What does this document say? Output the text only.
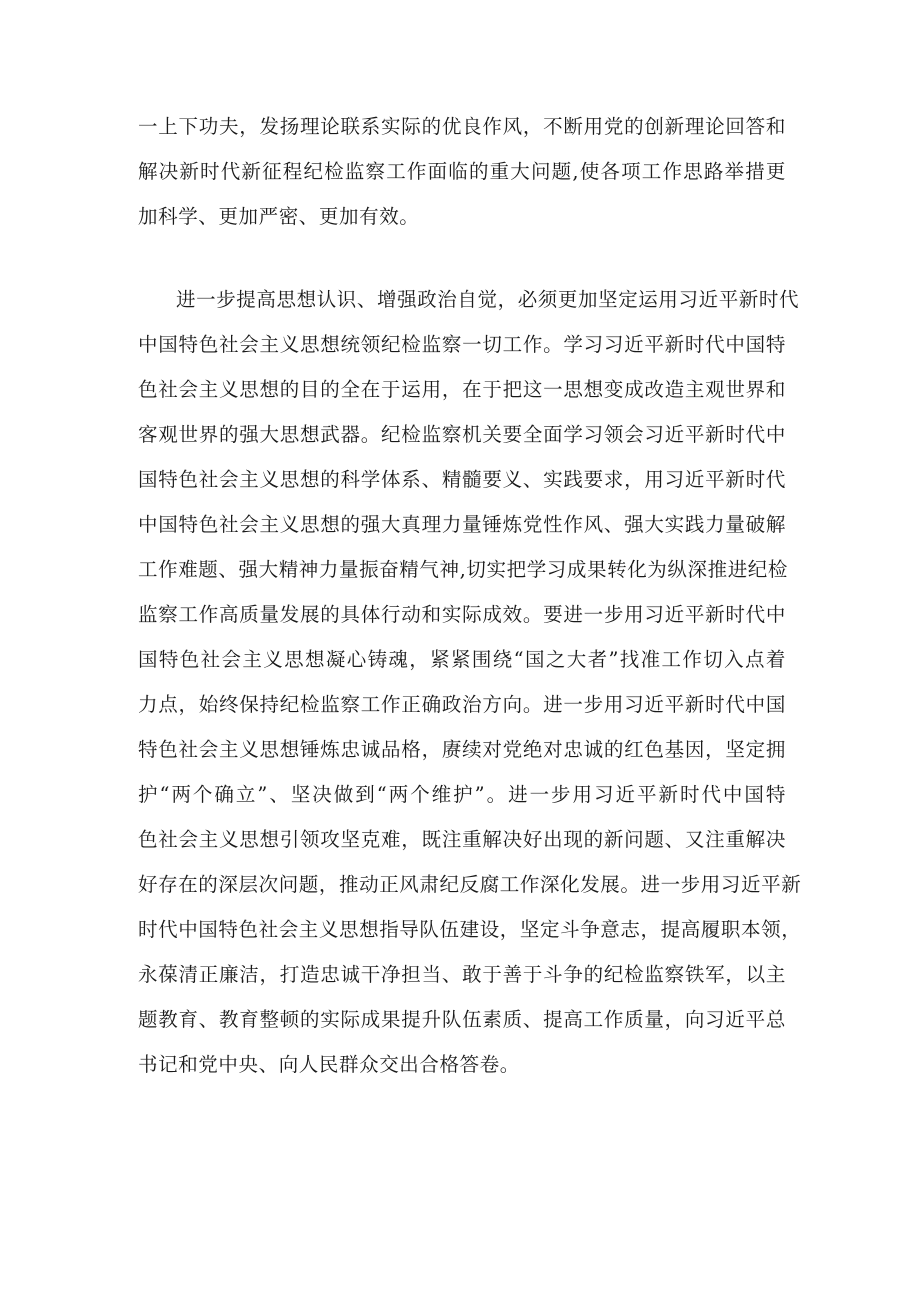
一上下功夫，发扬理论联系实际的优良作风，不断用党的创新理论回答和
解决新时代新征程纪检监察工作面临的重大问题,使各项工作思路举措更
加科学、更加严密、更加有效。
进一步提高思想认识、增强政治自觉，必须更加坚定运用习近平新时代
中国特色社会主义思想统领纪检监察一切工作。学习习近平新时代中国特
色社会主义思想的目的全在于运用，在于把这一思想变成改造主观世界和
客观世界的强大思想武器。纪检监察机关要全面学习领会习近平新时代中
国特色社会主义思想的科学体系、精髓要义、实践要求，用习近平新时代
中国特色社会主义思想的强大真理力量锤炼党性作风、强大实践力量破解
工作难题、强大精神力量振奋精气神,切实把学习成果转化为纵深推进纪检
监察工作高质量发展的具体行动和实际成效。要进一步用习近平新时代中
国特色社会主义思想凝心铸魂，紧紧围绕“国之大者”找准工作切入点着
力点，始终保持纪检监察工作正确政治方向。进一步用习近平新时代中国
特色社会主义思想锤炼忠诚品格，赓续对党绝对忠诚的红色基因，坚定拥
护“两个确立”、坚决做到“两个维护”。进一步用习近平新时代中国特
色社会主义思想引领攻坚克难，既注重解决好出现的新问题、又注重解决
好存在的深层次问题，推动正风肃纪反腐工作深化发展。进一步用习近平新
时代中国特色社会主义思想指导队伍建设，坚定斗争意志，提高履职本领，
永葆清正廉洁，打造忠诚干净担当、敢于善于斗争的纪检监察铁军，以主
题教育、教育整顿的实际成果提升队伍素质、提高工作质量，向习近平总
书记和党中央、向人民群众交出合格答卷。
